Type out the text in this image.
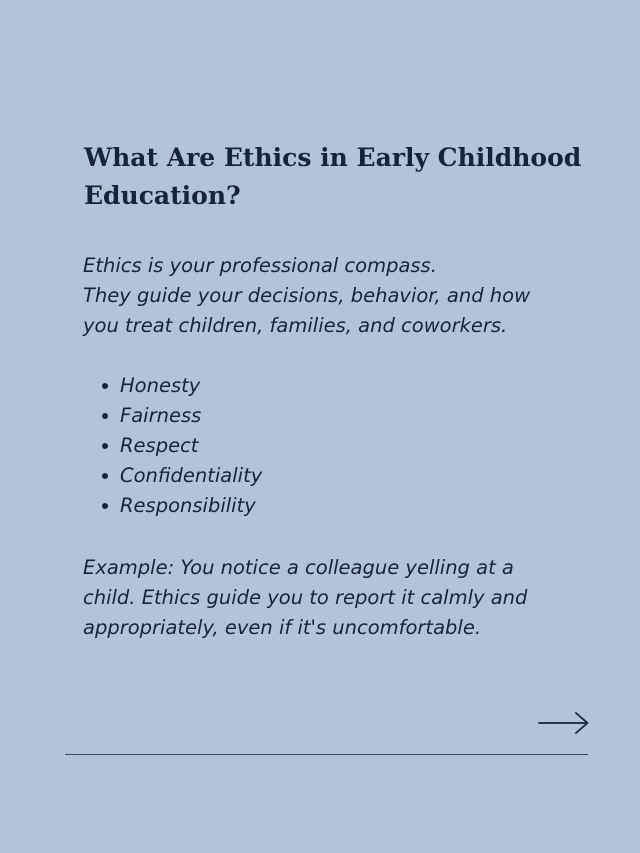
What Are Ethics in Early Childhood Education?

Ethics is your professional compass.
They guide your decisions, behavior, and how
you treat children, families, and coworkers.

Honesty
Fairness
Respect
Confidentiality
Responsibility

Example: You notice a colleague yelling at a
child. Ethics guide you to report it calmly and
appropriately, even if it's uncomfortable.
